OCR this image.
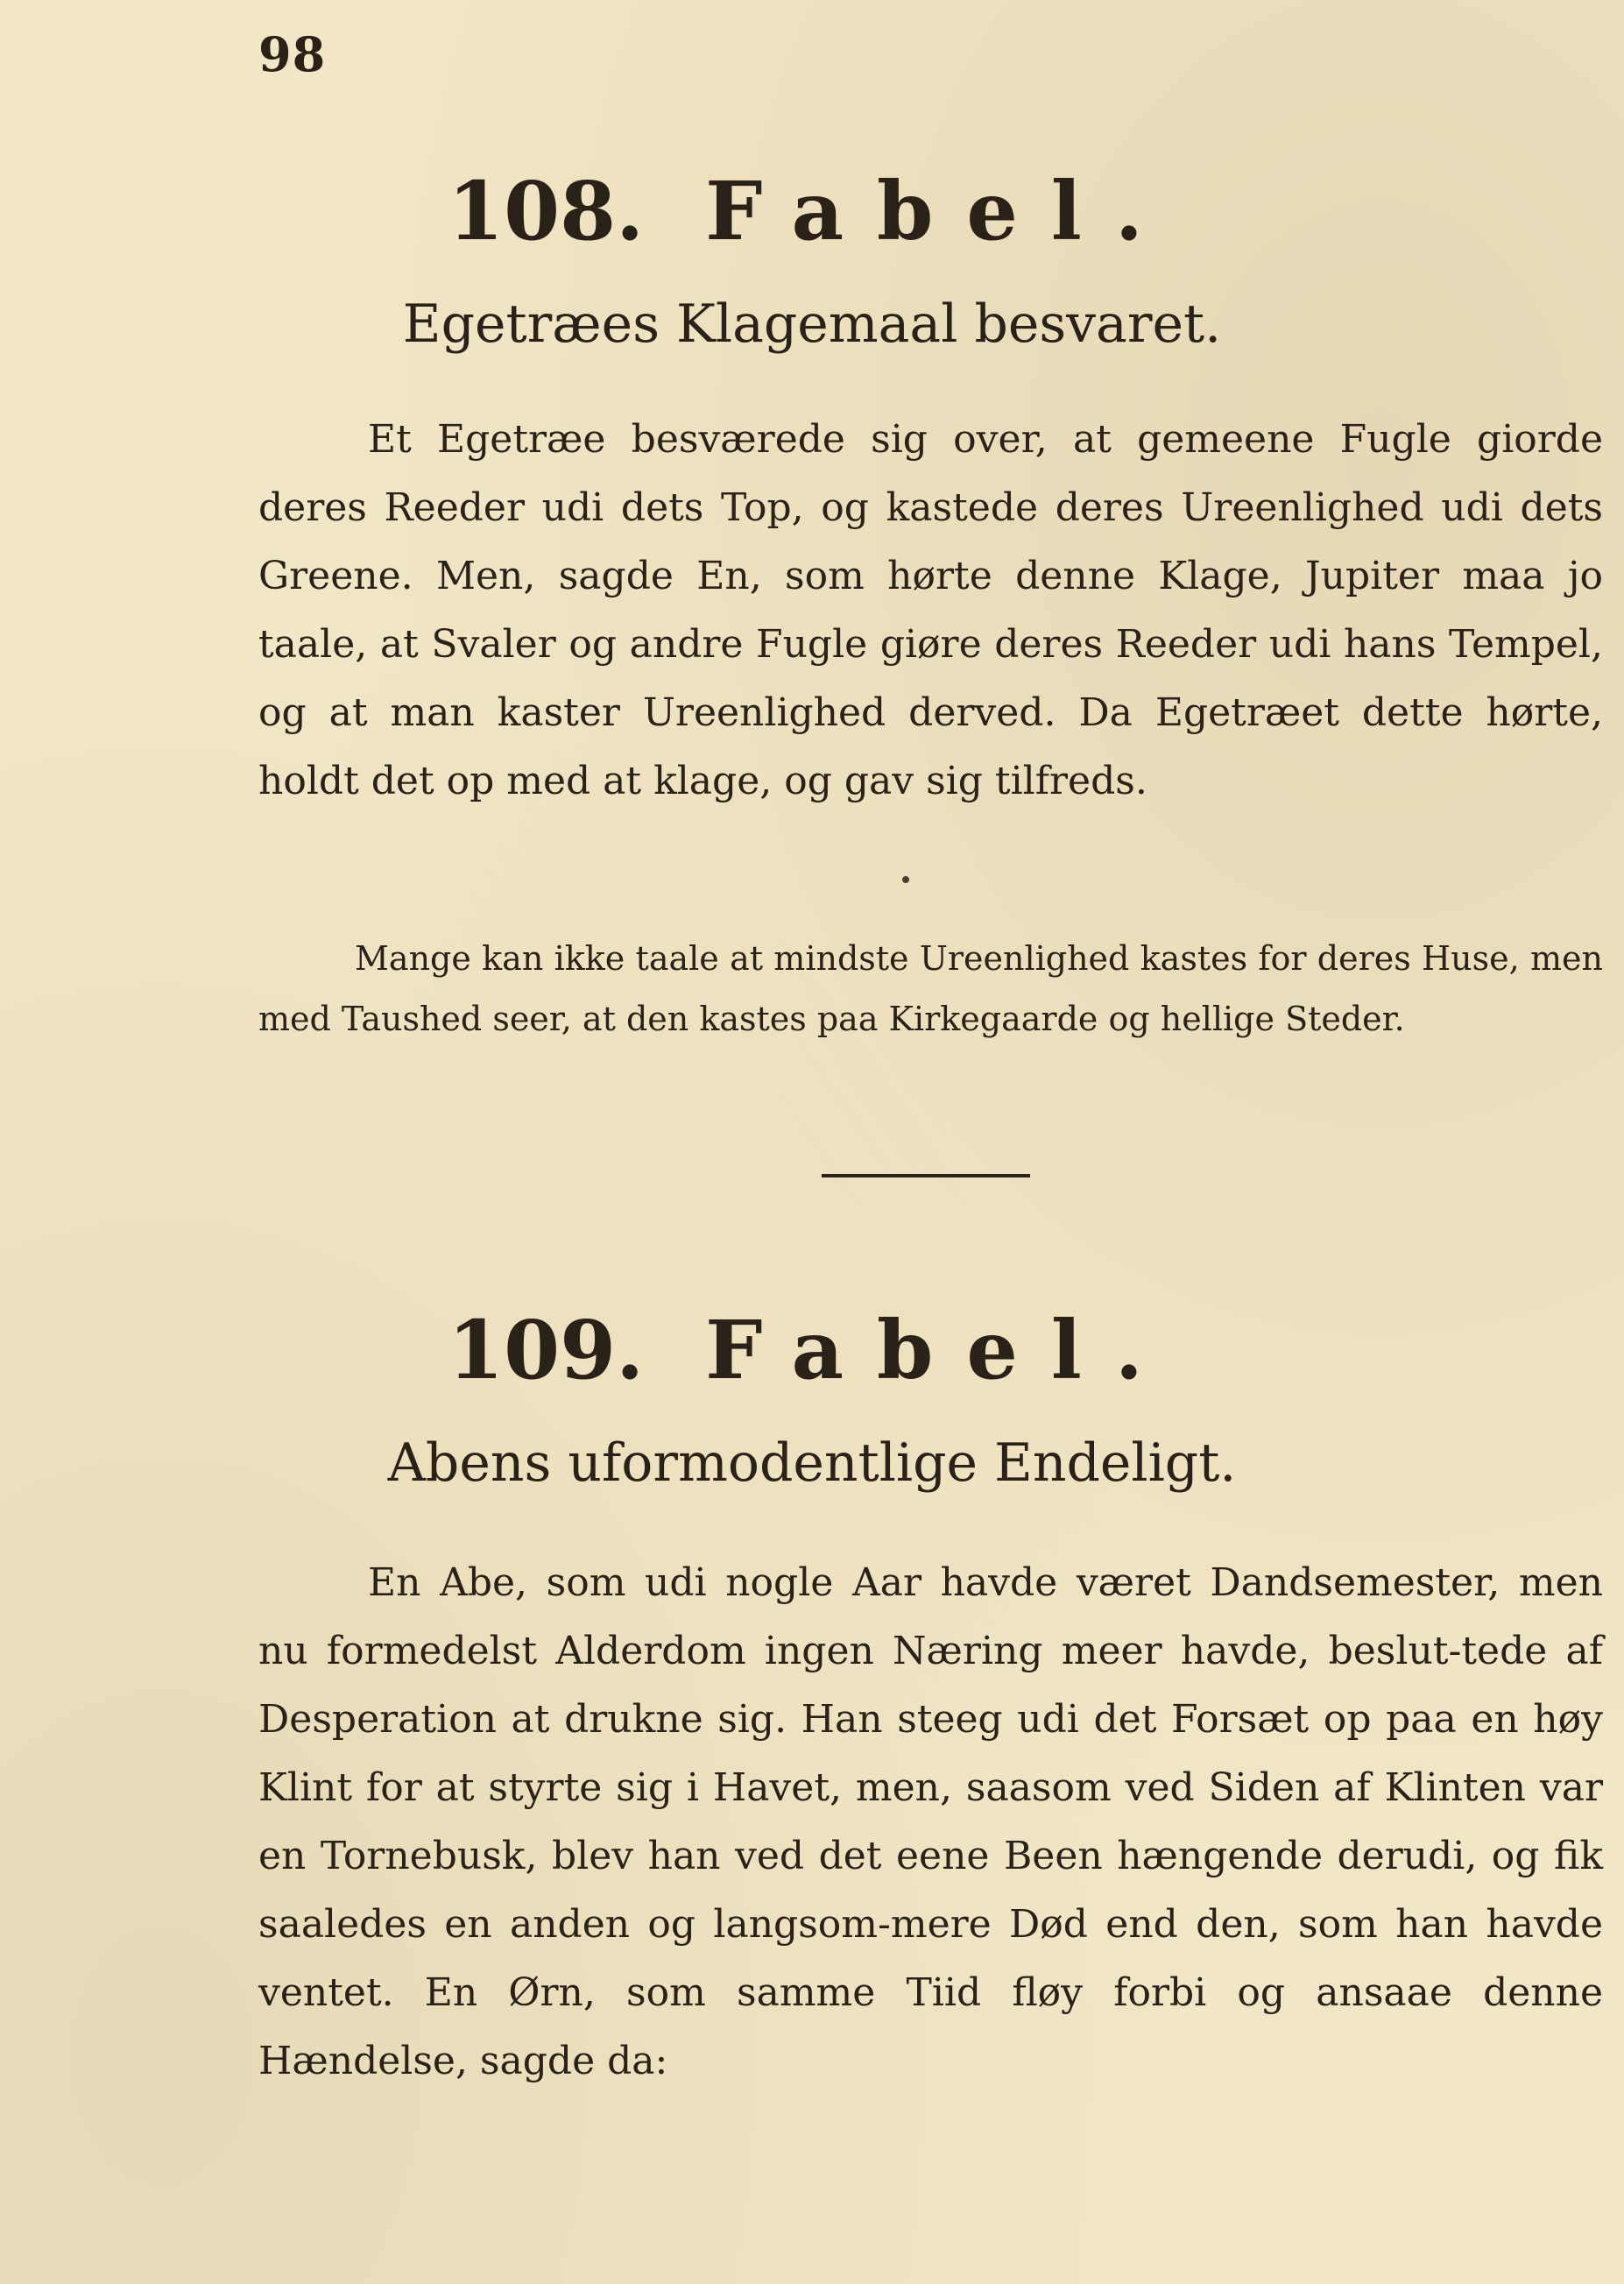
98
108. Fabel.
Egetræes Klagemaal besvaret.

Et Egetræe besværede sig over, at gemeene Fugle giorde deres Reeder udi dets Top, og kastede deres Ureenlighed udi dets Greene. Men, sagde En, som hørte denne Klage, Jupiter maa jo taale, at Svaler og andre Fugle giøre deres Reeder udi hans Tempel, og at man kaster Ureenlighed derved. Da Egetræet dette hørte, holdt det op med at klage, og gav sig tilfreds.

Mange kan ikke taale at mindste Ureenlighed kastes for deres Huse, men med Taushed seer, at den kastes paa Kirkegaarde og hellige Steder.

109. Fabel.
Abens uformodentlige Endeligt.

En Abe, som udi nogle Aar havde været Dandsemester, men nu formedelst Alderdom ingen Næring meer havde, beslut-tede af Desperation at drukne sig. Han steeg udi det Forsæt op paa en høy Klint for at styrte sig i Havet, men, saasom ved Siden af Klinten var en Tornebusk, blev han ved det eene Been hængende derudi, og fik saaledes en anden og langsom-mere Død end den, som han havde ventet. En Ørn, som samme Tiid fløy forbi og ansaae denne Hændelse, sagde da:
